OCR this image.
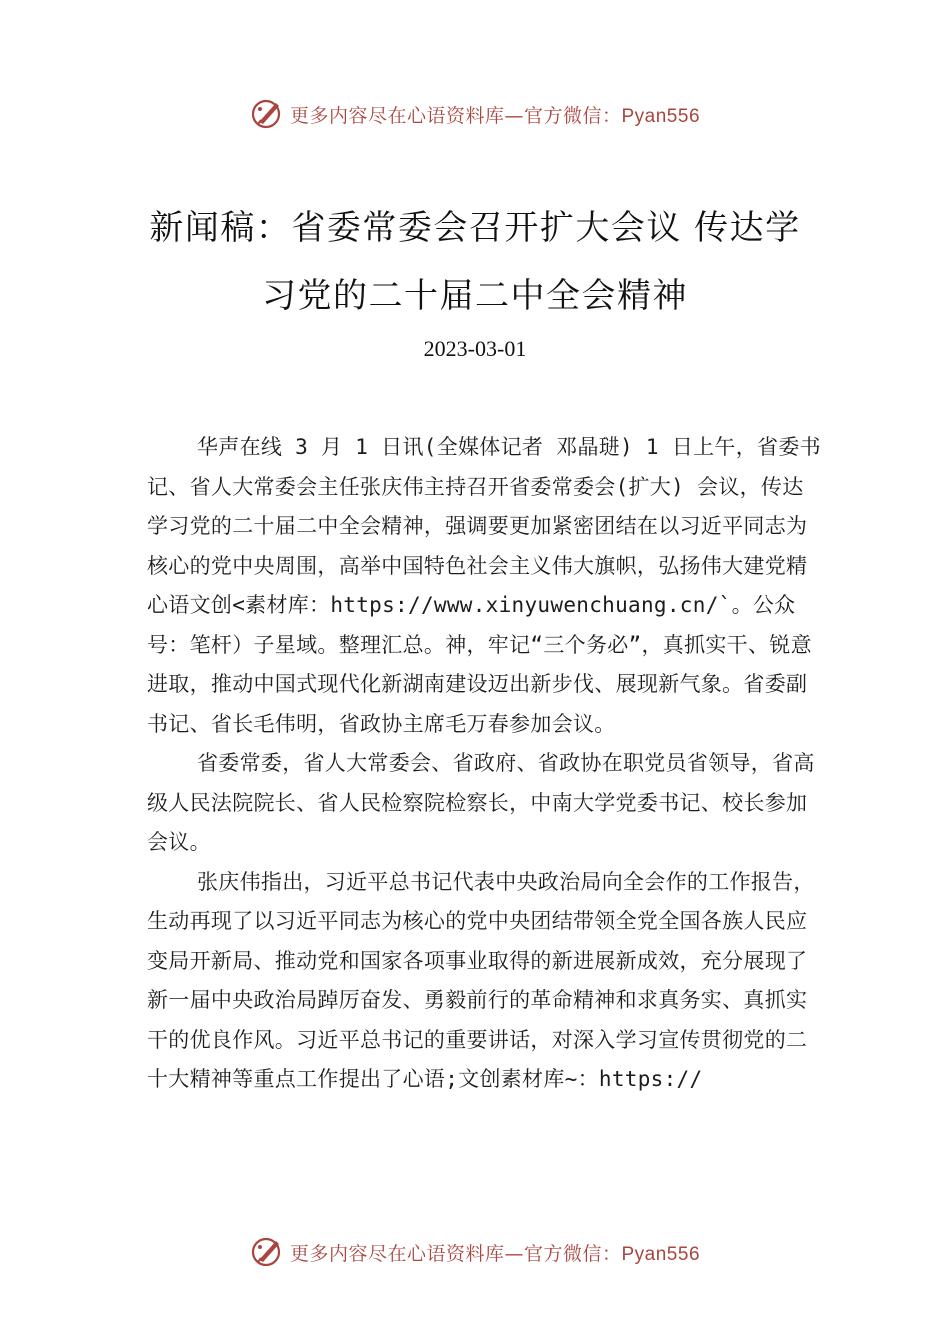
更多内容尽在心语资料库—官方微信：Pyan556
新闻稿：省委常委会召开扩大会议 传达学
习党的二十届二中全会精神
2023-03-01

华声在线 3 月 1 日讯(全媒体记者 邓晶琎) 1 日上午，省委书记、省人大常委会主任张庆伟主持召开省委常委会(扩大) 会议，传达学习党的二十届二中全会精神，强调要更加紧密团结在以习近平同志为核心的党中央周围，高举中国特色社会主义伟大旗帜，弘扬伟大建党精心语文创<素材库：https://www.xinyuwenchuang.cn/`。公众号：笔杆）子星域。整理汇总。神，牢记“三个务必”，真抓实干、锐意进取，推动中国式现代化新湖南建设迈出新步伐、展现新气象。省委副书记、省长毛伟明，省政协主席毛万春参加会议。

省委常委，省人大常委会、省政府、省政协在职党员省领导，省高级人民法院院长、省人民检察院检察长，中南大学党委书记、校长参加会议。

张庆伟指出，习近平总书记代表中央政治局向全会作的工作报告，生动再现了以习近平同志为核心的党中央团结带领全党全国各族人民应变局开新局、推动党和国家各项事业取得的新进展新成效，充分展现了新一届中央政治局踔厉奋发、勇毅前行的革命精神和求真务实、真抓实干的优良作风。习近平总书记的重要讲话，对深入学习宣传贯彻党的二十大精神等重点工作提出了心语;文创素材库~：https://

更多内容尽在心语资料库—官方微信：Pyan556
